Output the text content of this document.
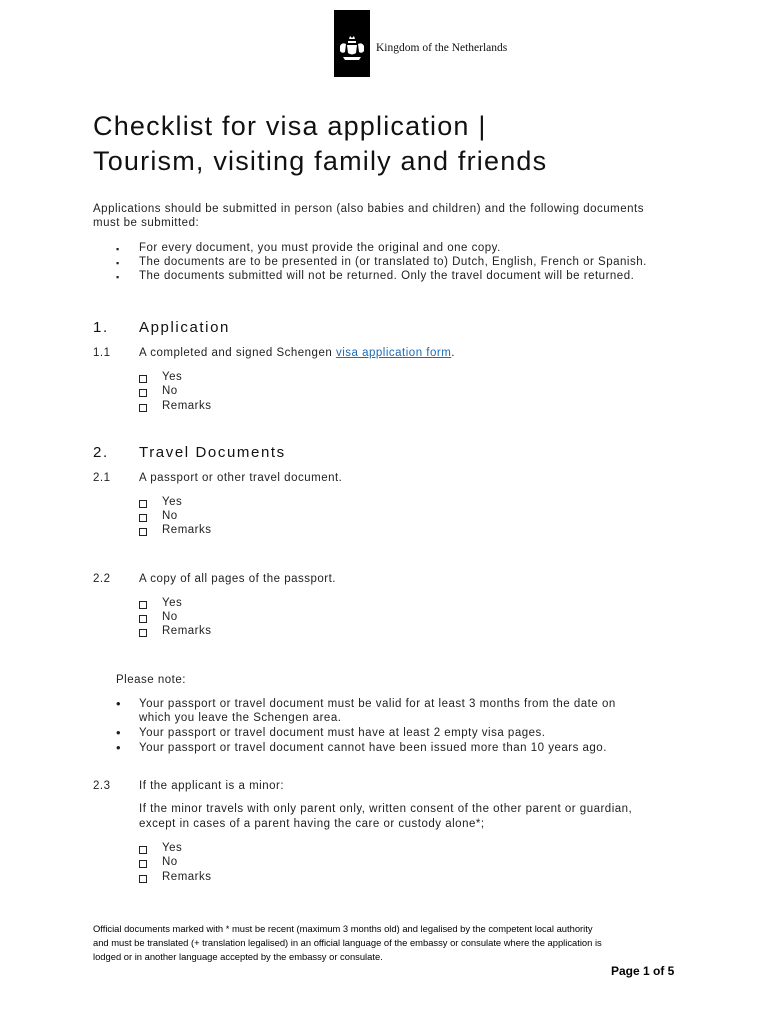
Kingdom of the Netherlands
Checklist for visa application |
Tourism, visiting family and friends
Applications should be submitted in person (also babies and children) and the following documents
must be submitted:
▪ For every document, you must provide the original and one copy.
▪ The documents are to be presented in (or translated to) Dutch, English, French or Spanish.
▪ The documents submitted will not be returned. Only the travel document will be returned.
1. Application
1.1 A completed and signed Schengen visa application form.
Yes
No
Remarks
2. Travel Documents
2.1 A passport or other travel document.
Yes
No
Remarks
2.2 A copy of all pages of the passport.
Yes
No
Remarks
Please note:
• Your passport or travel document must be valid for at least 3 months from the date on
which you leave the Schengen area.
• Your passport or travel document must have at least 2 empty visa pages.
• Your passport or travel document cannot have been issued more than 10 years ago.
2.3 If the applicant is a minor:
If the minor travels with only parent only, written consent of the other parent or guardian,
except in cases of a parent having the care or custody alone*;
Yes
No
Remarks
Official documents marked with * must be recent (maximum 3 months old) and legalised by the competent local authority
and must be translated (+ translation legalised) in an official language of the embassy or consulate where the application is
lodged or in another language accepted by the embassy or consulate.
Page 1 of 5
